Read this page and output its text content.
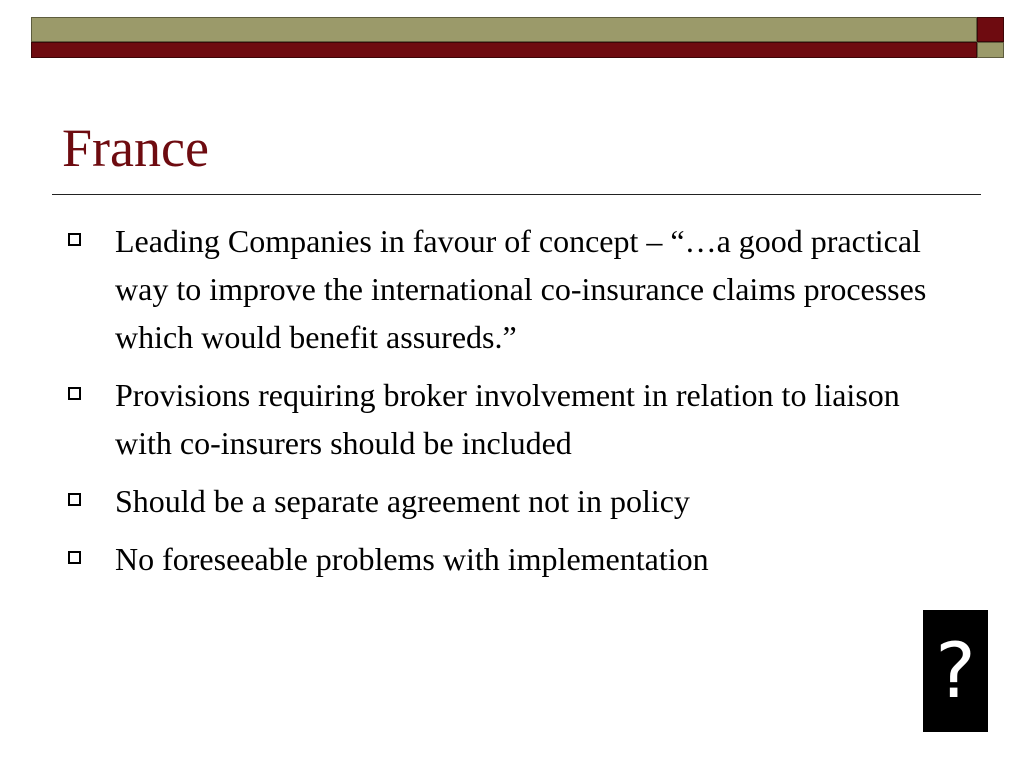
France
Leading Companies in favour of concept – “…a good practical way to improve the international co-insurance claims processes which would benefit assureds.”
Provisions requiring broker involvement in relation to liaison with co-insurers should be included
Should be a separate agreement not in policy
No foreseeable problems with implementation
?
